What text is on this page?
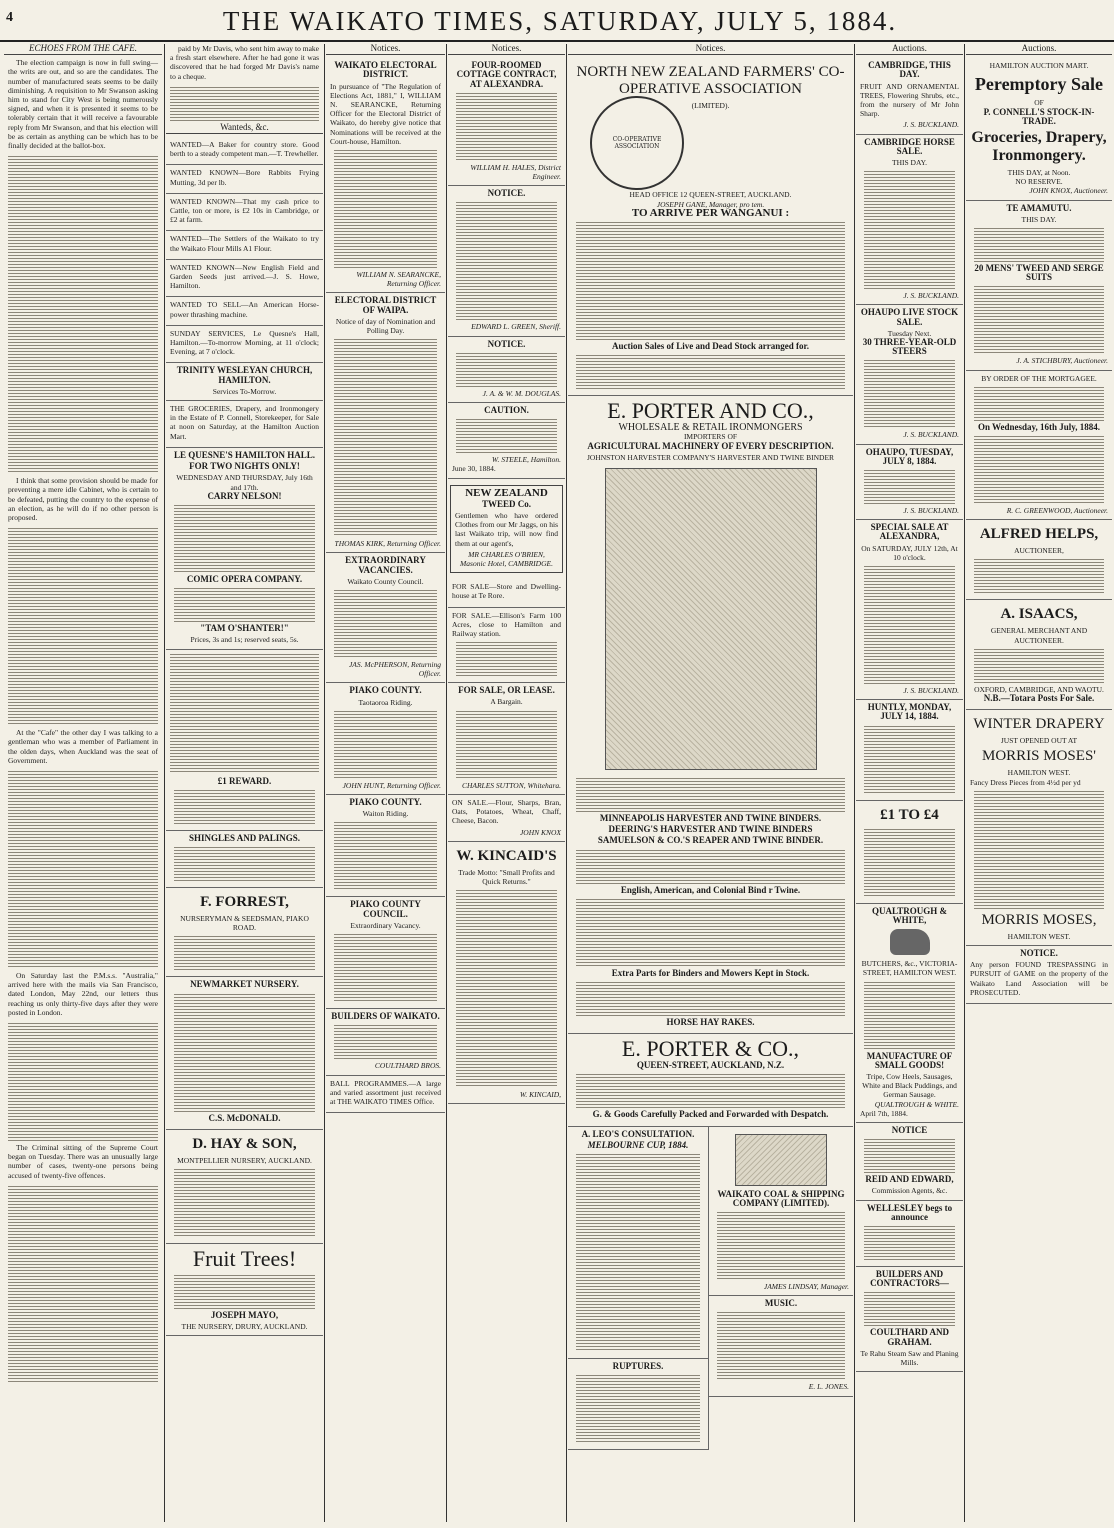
4	THE WAIKATO TIMES, SATURDAY, JULY 5, 1884.
ECHOES FROM THE CAFE.

The election campaign is now in full swing—the writs are out, and so are the candidates. The number of manufactured seats seems to be daily diminishing. A requisition to Mr Swanson asking him to stand for City West is being numerously signed, and when it is presented it seems to be tolerably certain that it will receive a favourable reply from Mr Swanson, and that his election will be as certain as anything can be which has to be finally decided at the ballot-box.

I think that some provision should be made for preventing a mere idle Cabinet, who is certain to be defeated, putting the country to the expense of an election, as he will do if no other person is proposed.

At the "Cafe" the other day I was talking to a gentleman who was a member of Parliament in the olden days, when Auckland was the seat of Government.

On Saturday last the P.M.s.s. "Australia," arrived here with the mails via San Francisco, dated London, May 22nd, our letters thus reaching us only thirty-five days after they were posted in London.

The Criminal sitting of the Supreme Court began on Tuesday. There was an unusually large number of cases, twenty-one persons being accused of twenty-five offences.

paid by Mr Davis, who sent him away to make a fresh start elsewhere. After he had gone it was discovered that he had forged Mr Davis's name to a cheque.

Wanteds, &c.

WANTED—A Baker for country store. Good berth to a steady competent man.—T. Trewheller.

WANTED KNOWN—Bore Rabbits Frying Mutting, 3d per lb.

WANTED KNOWN—That my cash price to Cattle, ton or more, is £2 10s in Cambridge, or £2 at farm.

WANTED—The Settlers of the Waikato to try the Waikato Flour Mills A1 Flour.

WANTED KNOWN—New English Field and Garden Seeds just arrived.—J. S. Howe, Hamilton.

WANTED TO SELL—An American Horse-power thrashing machine.

SUNDAY SERVICES, Le Quesne's Hall, Hamilton.—To-morrow Morning, at 11 o'clock; Evening, at 7 o'clock.

TRINITY WESLEYAN CHURCH, HAMILTON.
Services To-Morrow.

THE GROCERIES, Drapery, and Ironmongery in the Estate of P. Connell, Storekeeper, for Sale at noon on Saturday, at the Hamilton Auction Mart.

LE QUESNE'S HAMILTON HALL.
FOR TWO NIGHTS ONLY!
WEDNESDAY AND THURSDAY, July 16th and 17th.
CARRY NELSON!
COMIC OPERA COMPANY.
"TAM O'SHANTER!"
Prices, 3s and 1s; reserved seats, 5s.
£1 REWARD.
SHINGLES AND PALINGS.
F. FORREST,
NURSERYMAN & SEEDSMAN, PIAKO ROAD.
NEWMARKET NURSERY.
C.S. McDONALD.
D. HAY & SON,
MONTPELLIER NURSERY, AUCKLAND.
Fruit Trees!
JOSEPH MAYO,
THE NURSERY, DRURY, AUCKLAND.
Notices.
WAIKATO ELECTORAL DISTRICT.

In pursuance of "The Regulation of Elections Act, 1881," I, WILLIAM N. SEARANCKE, Returning Officer for the Electoral District of Waikato, do hereby give notice that Nominations will be received at the Court-house, Hamilton.

WILLIAM N. SEARANCKE, Returning Officer.
ELECTORAL DISTRICT OF WAIPA.
Notice of day of Nomination and Polling Day.
THOMAS KIRK, Returning Officer.
EXTRAORDINARY VACANCIES.
Waikato County Council.
JAS. McPHERSON, Returning Officer.
PIAKO COUNTY.
Taotaoroa Riding.
JOHN HUNT, Returning Officer.
PIAKO COUNTY.
Waiton Riding.
PIAKO COUNTY COUNCIL.
Extraordinary Vacancy.
BUILDERS OF WAIKATO.
COULTHARD BROS.

BALL PROGRAMMES.—A large and varied assortment just received at THE WAIKATO TIMES Office.

Notices.
FOUR-ROOMED COTTAGE CONTRACT, AT ALEXANDRA.
WILLIAM H. HALES, District Engineer.
NOTICE.
EDWARD L. GREEN, Sheriff.
NOTICE.
J. A. & W. M. DOUGLAS.
CAUTION.
W. STEELE, Hamilton.
June 30, 1884.
NEW ZEALAND
TWEED Co.

Gentlemen who have ordered Clothes from our Mr Jaggs, on his last Waikato trip, will now find them at our agent's,

MR CHARLES O'BRIEN,
Masonic Hotel, CAMBRIDGE.

FOR SALE—Store and Dwelling-house at Te Rore.

FOR SALE.—Ellison's Farm 100 Acres, close to Hamilton and Railway station.

FOR SALE, OR LEASE.
A Bargain.
CHARLES SUTTON, Whitehara.

ON SALE.—Flour, Sharps, Bran, Oats, Potatoes, Wheat, Chaff, Cheese, Bacon.

JOHN KNOX
W. KINCAID'S
Trade Motto: "Small Profits and Quick Returns."
W. KINCAID,
Notices.
NORTH NEW ZEALAND FARMERS' CO-OPERATIVE ASSOCIATION
(LIMITED).
HEAD OFFICE 12 QUEEN-STREET, AUCKLAND.
JOSEPH GANE, Manager, pro tem.
TO ARRIVE PER WANGANUI :
Auction Sales of Live and Dead Stock arranged for.
E. PORTER AND CO.,
WHOLESALE & RETAIL IRONMONGERS
IMPORTERS OF
AGRICULTURAL MACHINERY OF EVERY DESCRIPTION.
JOHNSTON HARVESTER COMPANY'S HARVESTER AND TWINE BINDER
MINNEAPOLIS HARVESTER AND TWINE BINDERS.
DEERING'S HARVESTER AND TWINE BINDERS
SAMUELSON & CO.'S REAPER AND TWINE BINDER.
English, American, and Colonial Bind r Twine.
Extra Parts for Binders and Mowers Kept in Stock.
HORSE HAY RAKES.
E. PORTER & CO.,
QUEEN-STREET, AUCKLAND, N.Z.
G. & Goods Carefully Packed and Forwarded with Despatch.
A. LEO'S CONSULTATION.
MELBOURNE CUP, 1884.
RUPTURES.
WAIKATO COAL & SHIPPING COMPANY (LIMITED).
JAMES LINDSAY, Manager.
MUSIC.
E. L. JONES.
CO-OPERATIVE ASSOCIATION
Auctions.
CAMBRIDGE, THIS DAY.

FRUIT AND ORNAMENTAL TREES, Flowering Shrubs, etc., from the nursery of Mr John Sharp.

J. S. BUCKLAND.
CAMBRIDGE HORSE SALE.
THIS DAY.
J. S. BUCKLAND.
OHAUPO LIVE STOCK SALE.
Tuesday Next.
30 THREE-YEAR-OLD STEERS
J. S. BUCKLAND.
OHAUPO, TUESDAY, JULY 8, 1884.
J. S. BUCKLAND.
SPECIAL SALE AT ALEXANDRA,
On SATURDAY, JULY 12th, At 10 o'clock.
J. S. BUCKLAND.
HUNTLY, MONDAY, JULY 14, 1884.
£1 TO £4
QUALTROUGH & WHITE,
BUTCHERS, &c., VICTORIA-STREET, HAMILTON WEST.
MANUFACTURE OF SMALL GOODS!
Tripe, Cow Heels, Sausages, White and Black Puddings, and German Sausage.
QUALTROUGH & WHITE.
April 7th, 1884.
NOTICE
REID AND EDWARD,
Commission Agents, &c.
WELLESLEY begs to announce
BUILDERS AND CONTRACTORS—
COULTHARD AND GRAHAM.
Te Rahu Steam Saw and Planing Mills.
Auctions.
HAMILTON AUCTION MART.
Peremptory Sale
OF
P. CONNELL'S STOCK-IN-TRADE.
Groceries, Drapery, Ironmongery.
THIS DAY, at Noon.
NO RESERVE.
JOHN KNOX, Auctioneer.
TE AMAMUTU.
THIS DAY.
20 MENS' TWEED AND SERGE SUITS
J. A. STICHBURY, Auctioneer.
BY ORDER OF THE MORTGAGEE.
On Wednesday, 16th July, 1884.
R. C. GREENWOOD, Auctioneer.
ALFRED HELPS,
AUCTIONEER,
A. ISAACS,
GENERAL MERCHANT AND AUCTIONEER.
OXFORD, CAMBRIDGE, AND WAOTU.
N.B.—Totara Posts For Sale.
WINTER DRAPERY
JUST OPENED OUT AT
MORRIS MOSES'
HAMILTON WEST.
Fancy Dress Pieces from 4½d per yd
MORRIS MOSES,
HAMILTON WEST.
NOTICE.

Any person FOUND TRESPASSING in PURSUIT of GAME on the property of the Waikato Land Association will be PROSECUTED.
